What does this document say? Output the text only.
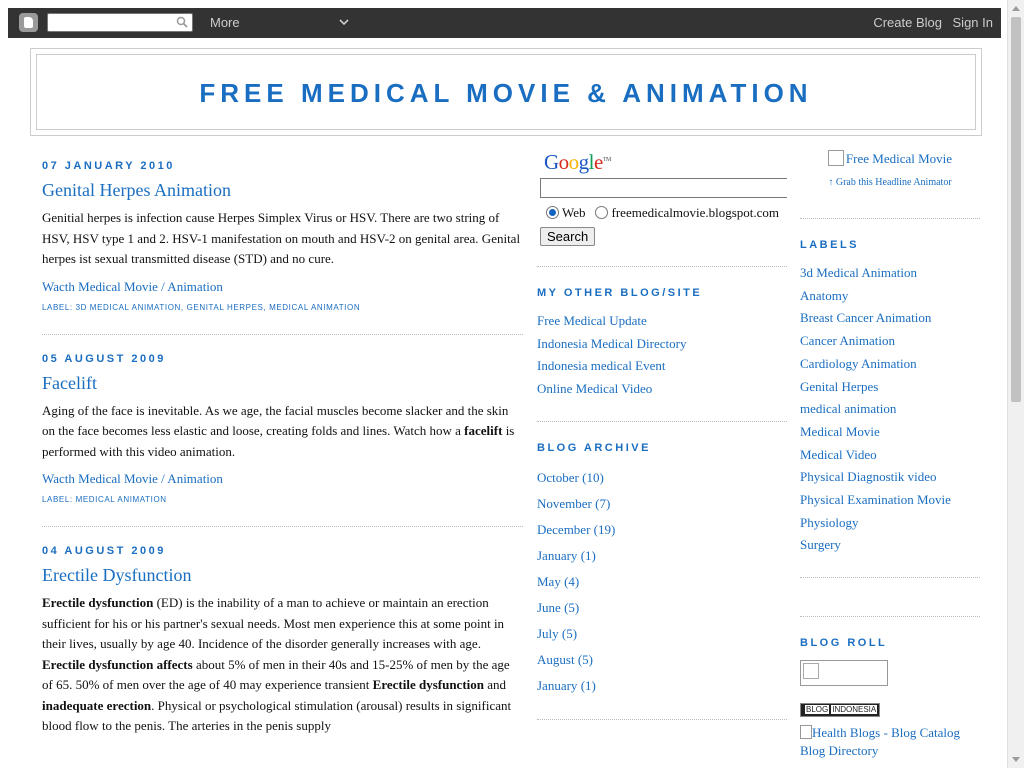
More	Create Blog Sign In
FREE MEDICAL MOVIE & ANIMATION
07 JANUARY 2010
Genital Herpes Animation
Genitial herpes is infection cause Herpes Simplex Virus or HSV. There are two string of HSV, HSV type 1 and 2. HSV-1 manifestation on mouth and HSV-2 on genital area. Genital herpes ist sexual transmitted disease (STD) and no cure.
Wacth Medical Movie / Animation
LABEL: 3D MEDICAL ANIMATION, GENITAL HERPES, MEDICAL ANIMATION
05 AUGUST 2009
Facelift
Aging of the face is inevitable. As we age, the facial muscles become slacker and the skin on the face becomes less elastic and loose, creating folds and lines. Watch how a facelift is performed with this video animation.
Wacth Medical Movie / Animation
LABEL: MEDICAL ANIMATION
04 AUGUST 2009
Erectile Dysfunction
Erectile dysfunction (ED) is the inability of a man to achieve or maintain an erection sufficient for his or his partner's sexual needs. Most men experience this at some point in their lives, usually by age 40. Incidence of the disorder generally increases with age. Erectile dysfunction affects about 5% of men in their 40s and 15-25% of men by the age of 65. 50% of men over the age of 40 may experience transient Erectile dysfunction and inadequate erection. Physical or psychological stimulation (arousal) results in significant blood flow to the penis. The arteries in the penis supply
Google™
Web freemedicalmovie.blogspot.com
Search
MY OTHER BLOG/SITE
Free Medical Update
Indonesia Medical Directory
Indonesia medical Event
Online Medical Video
BLOG ARCHIVE
October (10)
November (7)
December (19)
January (1)
May (4)
June (5)
July (5)
August (5)
January (1)
Free Medical Movie
↑ Grab this Headline Animator
LABELS
3d Medical Animation
Anatomy
Breast Cancer Animation
Cancer Animation
Cardiology Animation
Genital Herpes
medical animation
Medical Movie
Medical Video
Physical Diagnostik video
Physical Examination Movie
Physiology
Surgery
BLOG ROLL
BLOG INDONESIA
Health Blogs - Blog Catalog Blog Directory
